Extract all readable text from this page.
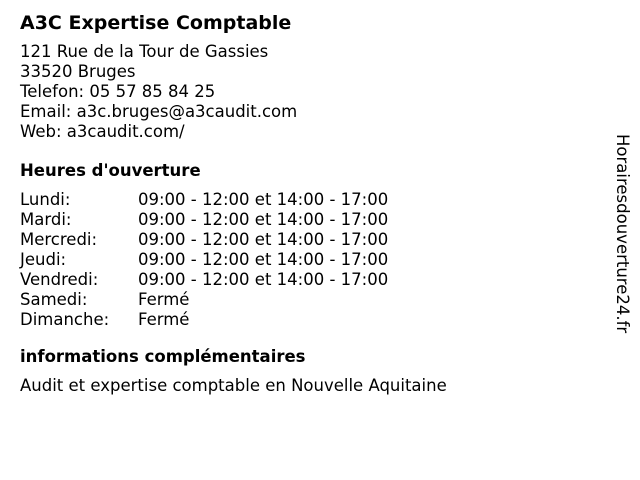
A3C Expertise Comptable
121 Rue de la Tour de Gassies
33520 Bruges
Telefon: 05 57 85 84 25
Email: a3c.bruges@a3caudit.com
Web: a3caudit.com/
Heures d'ouverture
Lundi:	09:00 - 12:00 et 14:00 - 17:00
Mardi:	09:00 - 12:00 et 14:00 - 17:00
Mercredi:	09:00 - 12:00 et 14:00 - 17:00
Jeudi:	09:00 - 12:00 et 14:00 - 17:00
Vendredi:	09:00 - 12:00 et 14:00 - 17:00
Samedi:	Fermé
Dimanche:	Fermé
informations complémentaires
Audit et expertise comptable en Nouvelle Aquitaine
Horairesdouverture24.fr
